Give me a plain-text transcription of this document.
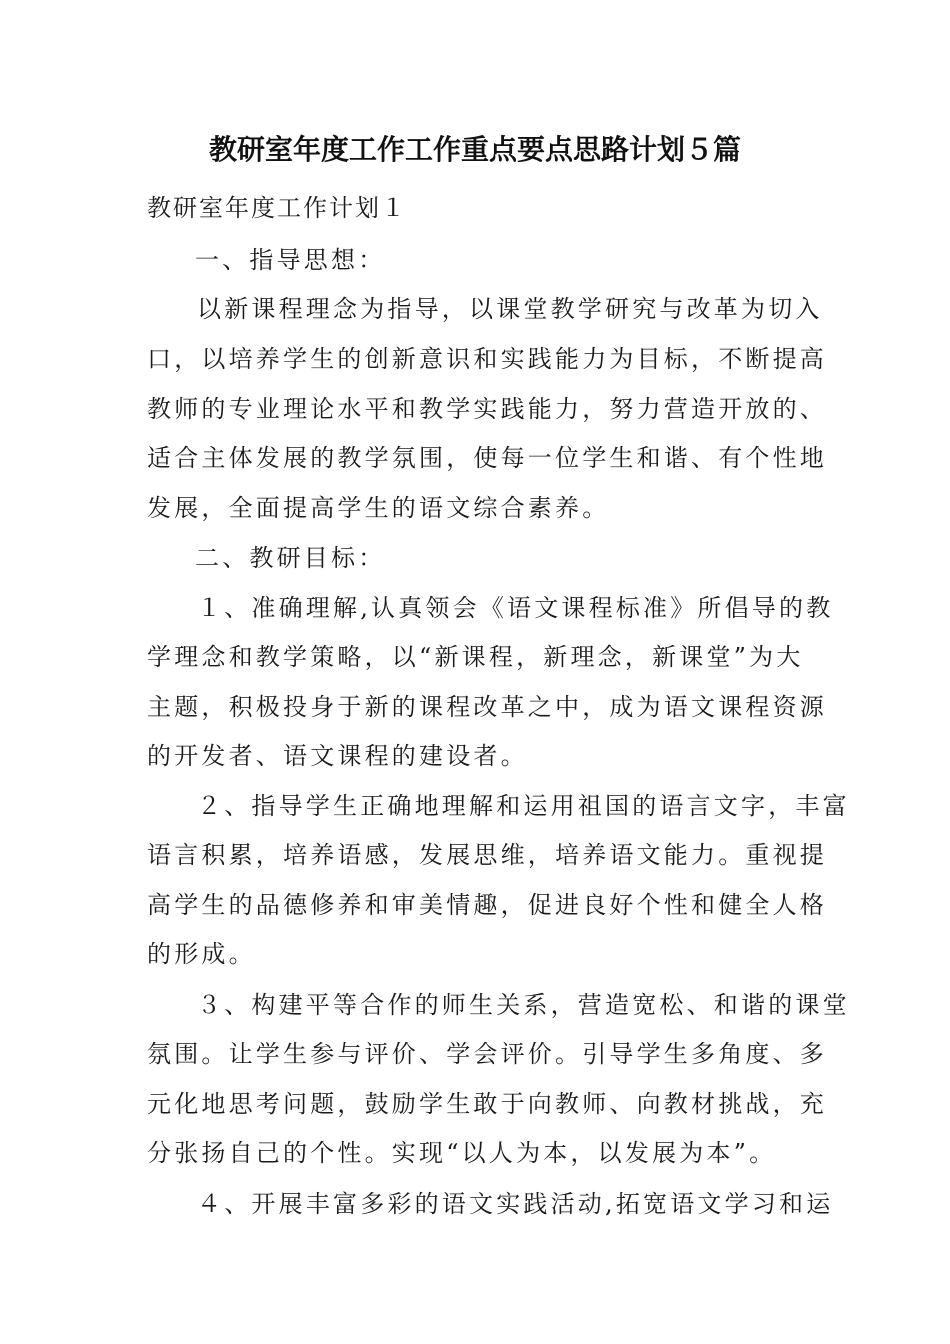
教研室年度工作工作重点要点思路计划５篇
教研室年度工作计划１
一、指导思想：
以新课程理念为指导，以课堂教学研究与改革为切入
口，以培养学生的创新意识和实践能力为目标，不断提高
教师的专业理论水平和教学实践能力，努力营造开放的、
适合主体发展的教学氛围，使每一位学生和谐、有个性地
发展，全面提高学生的语文综合素养。
二、教研目标：
１、准确理解,认真领会《语文课程标准》所倡导的教
学理念和教学策略，以“新课程，新理念，新课堂”为大
主题，积极投身于新的课程改革之中，成为语文课程资源
的开发者、语文课程的建设者。
２、指导学生正确地理解和运用祖国的语言文字，丰富
语言积累，培养语感，发展思维，培养语文能力。重视提
高学生的品德修养和审美情趣，促进良好个性和健全人格
的形成。
３、构建平等合作的师生关系，营造宽松、和谐的课堂
氛围。让学生参与评价、学会评价。引导学生多角度、多
元化地思考问题，鼓励学生敢于向教师、向教材挑战，充
分张扬自己的个性。实现“以人为本，以发展为本”。
４、开展丰富多彩的语文实践活动,拓宽语文学习和运
